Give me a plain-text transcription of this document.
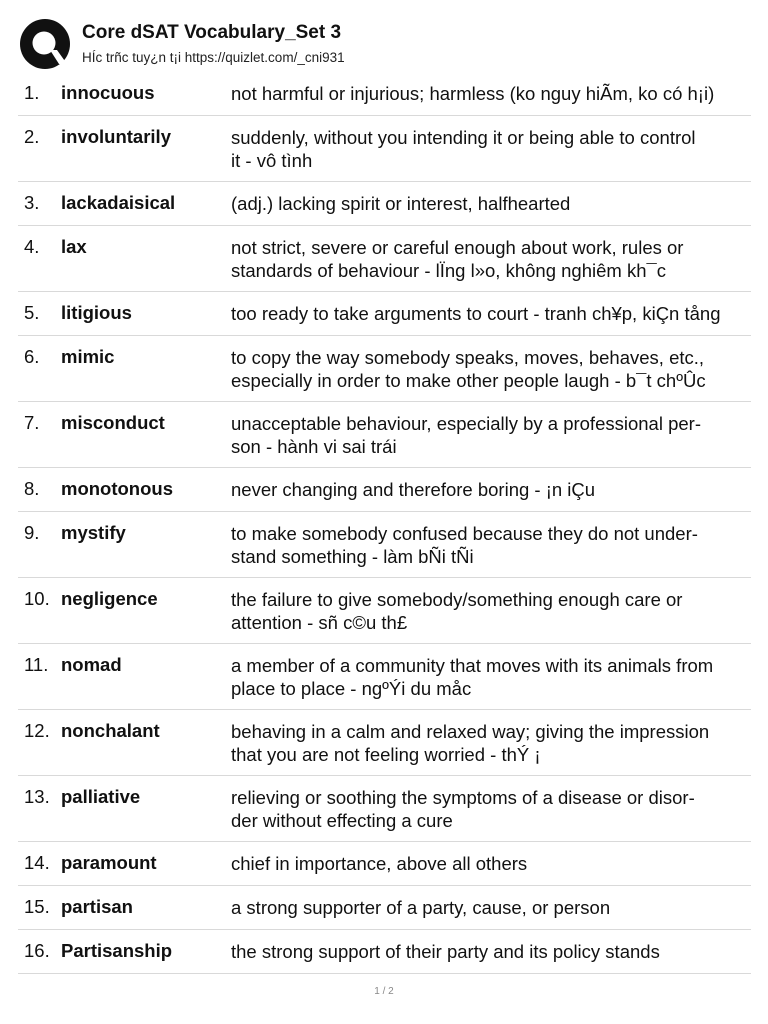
Core dSAT Vocabulary_Set 3
HÍc trñc tuy¿n t¡i https://quizlet.com/_cni931
1. innocuous	not harmful or injurious; harmless (ko nguy hiÃm, ko có h¡i)
2. involuntarily	suddenly, without you intending it or being able to control
it - vô tình
3. lackadaisical	(adj.) lacking spirit or interest, halfhearted
4. lax	not strict, severe or careful enough about work, rules or
standards of behaviour - lÏng l»o, không nghiêm kh¯c
5. litigious	too ready to take arguments to court - tranh ch¥p, kiÇn tång
6. mimic	to copy the way somebody speaks, moves, behaves, etc.,
especially in order to make other people laugh - b¯t chºÛc
7. misconduct	unacceptable behaviour, especially by a professional per-
son - hành vi sai trái
8. monotonous	never changing and therefore boring - ¡n iÇu
9. mystify	to make somebody confused because they do not under-
stand something - làm bÑi tÑi
10. negligence	the failure to give somebody/something enough care or
attention - sñ c©u th£
11. nomad	a member of a community that moves with its animals from
place to place - ngºÝi du måc
12. nonchalant	behaving in a calm and relaxed way; giving the impression
that you are not feeling worried - thÝ ¡
13. palliative	relieving or soothing the symptoms of a disease or disor-
der without effecting a cure
14. paramount	chief in importance, above all others
15. partisan	a strong supporter of a party, cause, or person
16. Partisanship	the strong support of their party and its policy stands
1 / 2
